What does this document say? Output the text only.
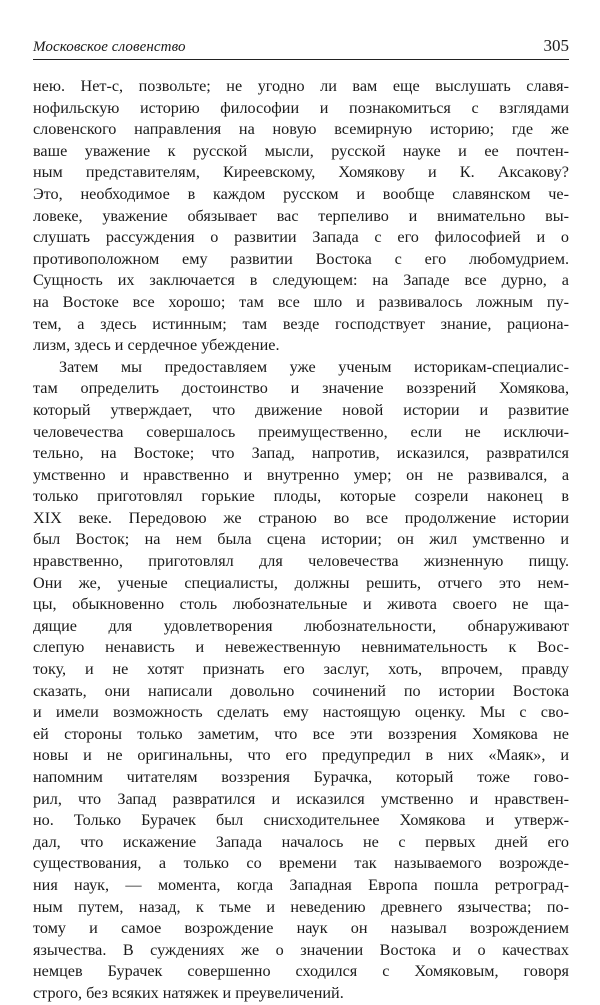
Московское словенство	305
нею. Нет-с, позвольте; не угодно ли вам еще выслушать славя-
нофильскую историю философии и познакомиться с взглядами
словенского направления на новую всемирную историю; где же
ваше уважение к русской мысли, русской науке и ее почтен-
ным представителям, Киреевскому, Хомякову и К. Аксакову?
Это, необходимое в каждом русском и вообще славянском че-
ловеке, уважение обязывает вас терпеливо и внимательно вы-
слушать рассуждения о развитии Запада с его философией и о
противоположном ему развитии Востока с его любомудрием.
Сущность их заключается в следующем: на Западе все дурно, а
на Востоке все хорошо; там все шло и развивалось ложным пу-
тем, а здесь истинным; там везде господствует знание, рациона-
лизм, здесь и сердечное убеждение.
Затем мы предоставляем уже ученым историкам-специалис-
там определить достоинство и значение воззрений Хомякова,
который утверждает, что движение новой истории и развитие
человечества совершалось преимущественно, если не исключи-
тельно, на Востоке; что Запад, напротив, исказился, развратился
умственно и нравственно и внутренно умер; он не развивался, а
только приготовлял горькие плоды, которые созрели наконец в
XIX веке. Передовою же страною во все продолжение истории
был Восток; на нем была сцена истории; он жил умственно и
нравственно, приготовлял для человечества жизненную пищу.
Они же, ученые специалисты, должны решить, отчего это нем-
цы, обыкновенно столь любознательные и живота своего не ща-
дящие для удовлетворения любознательности, обнаруживают
слепую ненависть и невежественную невнимательность к Вос-
току, и не хотят признать его заслуг, хоть, впрочем, правду
сказать, они написали довольно сочинений по истории Востока
и имели возможность сделать ему настоящую оценку. Мы с сво-
ей стороны только заметим, что все эти воззрения Хомякова не
новы и не оригинальны, что его предупредил в них «Маяк», и
напомним читателям воззрения Бурачка, который тоже гово-
рил, что Запад развратился и исказился умственно и нравствен-
но. Только Бурачек был снисходительнее Хомякова и утверж-
дал, что искажение Запада началось не с первых дней его
существования, а только со времени так называемого возрожде-
ния наук, — момента, когда Западная Европа пошла ретроград-
ным путем, назад, к тьме и неведению древнего язычества; по-
тому и самое возрождение наук он называл возрождением
язычества. В суждениях же о значении Востока и о качествах
немцев Бурачек совершенно сходился с Хомяковым, говоря
строго, без всяких натяжек и преувеличений.
